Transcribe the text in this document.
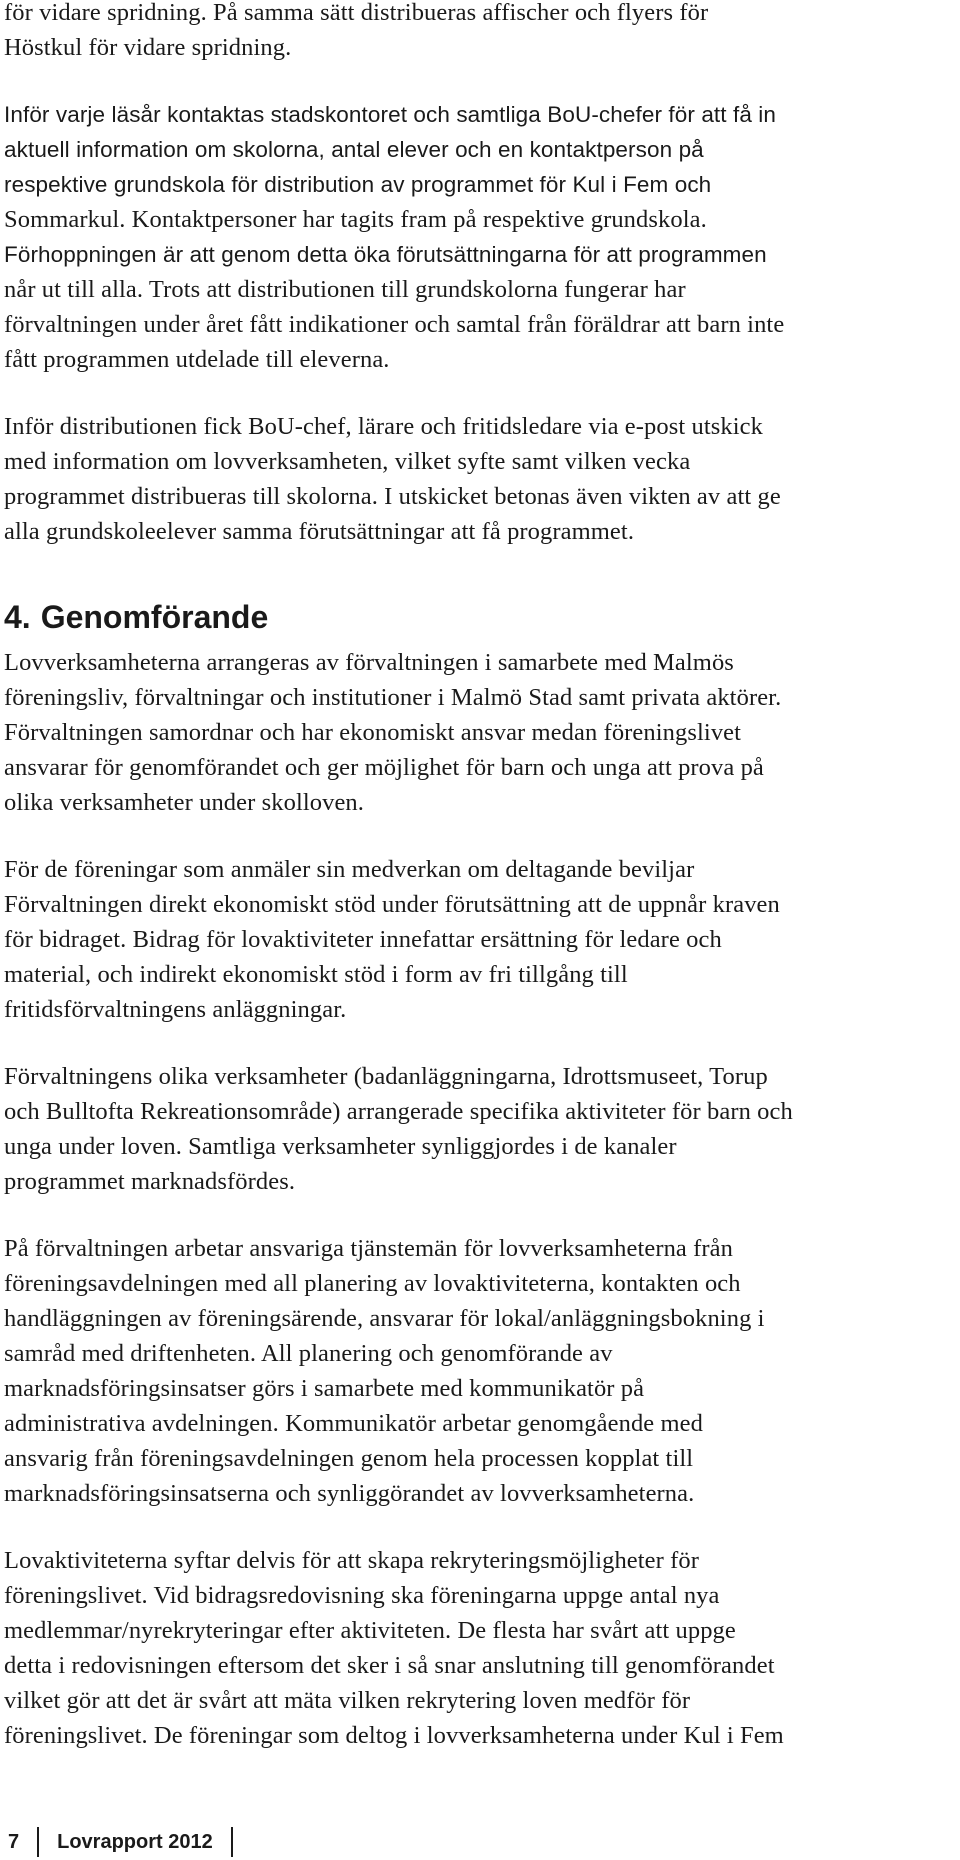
för vidare spridning. På samma sätt distribueras affischer och flyers för
Höstkul för vidare spridning.

Inför varje läsår kontaktas stadskontoret och samtliga BoU-chefer för att få in
aktuell information om skolorna, antal elever och en kontaktperson på
respektive grundskola för distribution av programmet för Kul i Fem och
Sommarkul. Kontaktpersoner har tagits fram på respektive grundskola.
Förhoppningen är att genom detta öka förutsättningarna för att programmen
når ut till alla. Trots att distributionen till grundskolorna fungerar har
förvaltningen under året fått indikationer och samtal från föräldrar att barn inte
fått programmen utdelade till eleverna.

Inför distributionen fick BoU-chef, lärare och fritidsledare via e-post utskick
med information om lovverksamheten, vilket syfte samt vilken vecka
programmet distribueras till skolorna. I utskicket betonas även vikten av att ge
alla grundskoleelever samma förutsättningar att få programmet.

4. Genomförande

Lovverksamheterna arrangeras av förvaltningen i samarbete med Malmös
föreningsliv, förvaltningar och institutioner i Malmö Stad samt privata aktörer.
Förvaltningen samordnar och har ekonomiskt ansvar medan föreningslivet
ansvarar för genomförandet och ger möjlighet för barn och unga att prova på
olika verksamheter under skolloven.

För de föreningar som anmäler sin medverkan om deltagande beviljar
Förvaltningen direkt ekonomiskt stöd under förutsättning att de uppnår kraven
för bidraget. Bidrag för lovaktiviteter innefattar ersättning för ledare och
material, och indirekt ekonomiskt stöd i form av fri tillgång till
fritidsförvaltningens anläggningar.

Förvaltningens olika verksamheter (badanläggningarna, Idrottsmuseet, Torup
och Bulltofta Rekreationsområde) arrangerade specifika aktiviteter för barn och
unga under loven. Samtliga verksamheter synliggjordes i de kanaler
programmet marknadsfördes.

På förvaltningen arbetar ansvariga tjänstemän för lovverksamheterna från
föreningsavdelningen med all planering av lovaktiviteterna, kontakten och
handläggningen av föreningsärende, ansvarar för lokal/anläggningsbokning i
samråd med driftenheten. All planering och genomförande av
marknadsföringsinsatser görs i samarbete med kommunikatör på
administrativa avdelningen. Kommunikatör arbetar genomgående med
ansvarig från föreningsavdelningen genom hela processen kopplat till
marknadsföringsinsatserna och synliggörandet av lovverksamheterna.

Lovaktiviteterna syftar delvis för att skapa rekryteringsmöjligheter för
föreningslivet. Vid bidragsredovisning ska föreningarna uppge antal nya
medlemmar/nyrekryteringar efter aktiviteten. De flesta har svårt att uppge
detta i redovisningen eftersom det sker i så snar anslutning till genomförandet
vilket gör att det är svårt att mäta vilken rekrytering loven medför för
föreningslivet. De föreningar som deltog i lovverksamheterna under Kul i Fem

7 Lovrapport 2012
